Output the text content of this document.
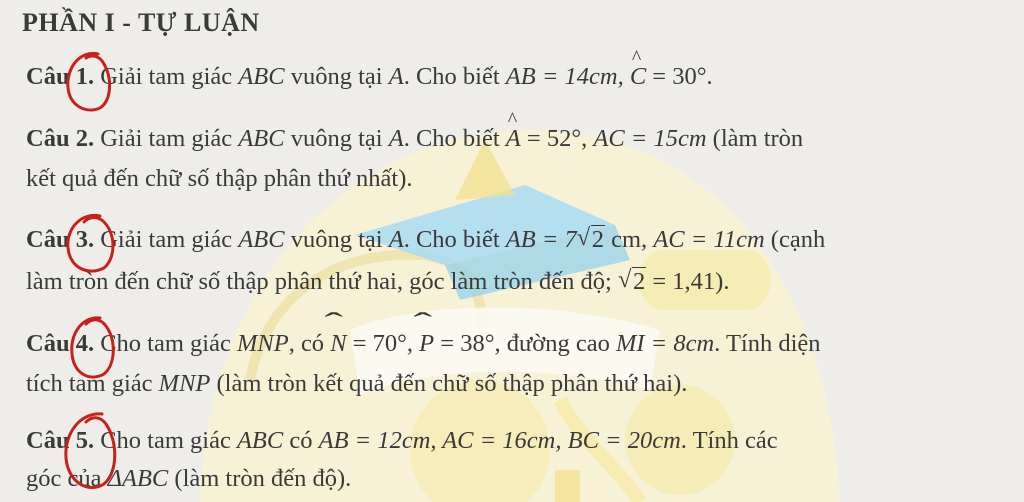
PHẦN I - TỰ LUẬN
Câu 1. Giải tam giác ABC vuông tại A. Cho biết AB = 14cm, ^ C = 30°.
Câu 2. Giải tam giác ABC vuông tại A. Cho biết ^ A = 52°, AC = 15cm (làm tròn
kết quả đến chữ số thập phân thứ nhất).
Câu 3. Giải tam giác ABC vuông tại A. Cho biết AB = 7 √ 2 cm, AC = 11cm (cạnh
làm tròn đến chữ số thập phân thứ hai, góc làm tròn đến độ; √ 2 = 1,41).
Câu 4. Cho tam giác MNP, có ˆ N = 70°, ˆ P = 38°, đường cao MI = 8cm. Tính diện
tích tam giác MNP (làm tròn kết quả đến chữ số thập phân thứ hai).
Câu 5. Cho tam giác ABC có AB = 12cm, AC = 16cm, BC = 20cm. Tính các
góc của ΔABC (làm tròn đến độ).
